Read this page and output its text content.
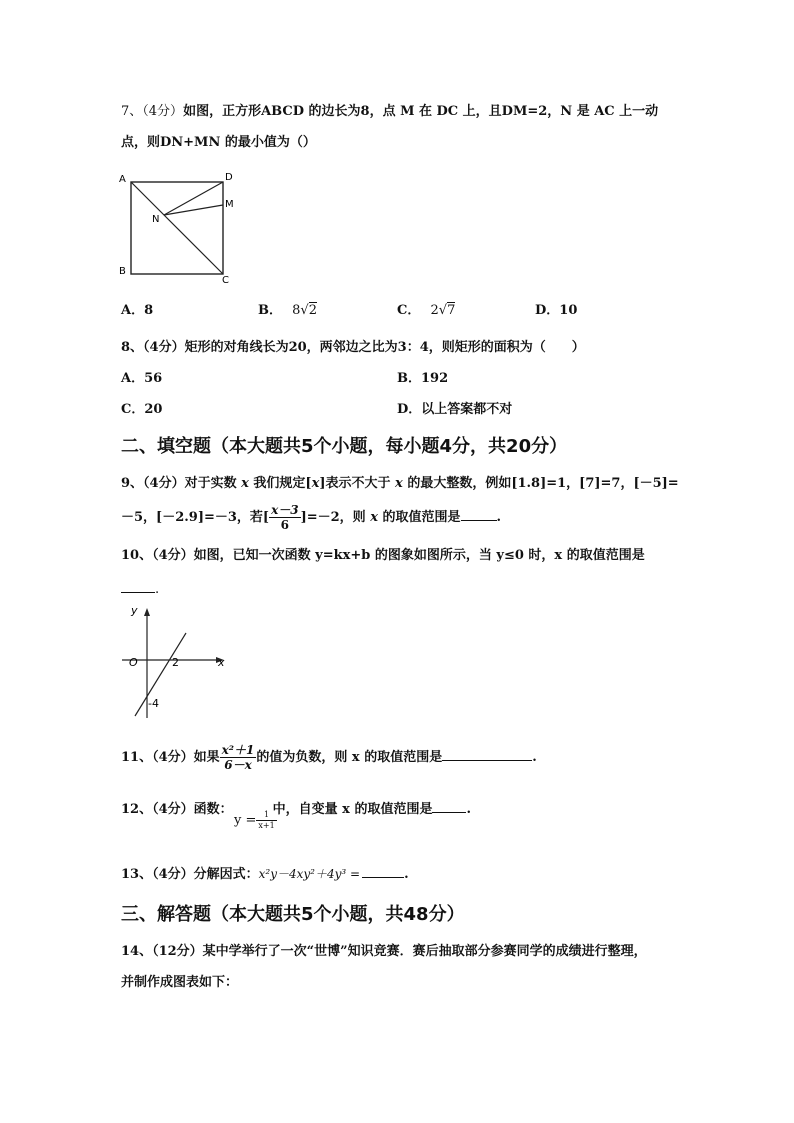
7、（4分）如图，正方形ABCD 的边长为8，点 M 在 DC 上，且DM=2，N 是 AC 上一动
点，则DN+MN 的最小值为（）
A	D
M
N
B
C
A．8	B． 8√2	C． 2√7	D．10
8、（4分）矩形的对角线长为20，两邻边之比为3：4，则矩形的面积为（　　）
A．56	B．192
C．20	D．以上答案都不对
二、填空题（本大题共5个小题，每小题4分，共20分）
9、（4分）对于实数 x 我们规定[x]表示不大于 x 的最大整数，例如[1.8]=1，[7]=7，[－5]=
－5，[－2.9]=－3，若[ $\frac{x-3}{6} ]=-2$，则 x 的取值范围是	.
10、（4分）如图，已知一次函数 y=kx+b 的图象如图所示，当 y≤0 时，x 的取值范围是
.
y
x
O	2
-4
11、（4分）如果 $\frac{\text{x²＋1}}{6-x}$ 的值为负数，则 x 的取值范围是	.
12、（4分）函数：	中，自变量 x 的取值范围是	.
$y = \frac{1}{x+1}$
13、（4分）分解因式：x²y－4xy²＋4y³ =	.
三、解答题（本大题共5个小题，共48分）
14、（12分）某中学举行了一次“世博”知识竞赛．赛后抽取部分参赛同学的成绩进行整理，
并制作成图表如下：
